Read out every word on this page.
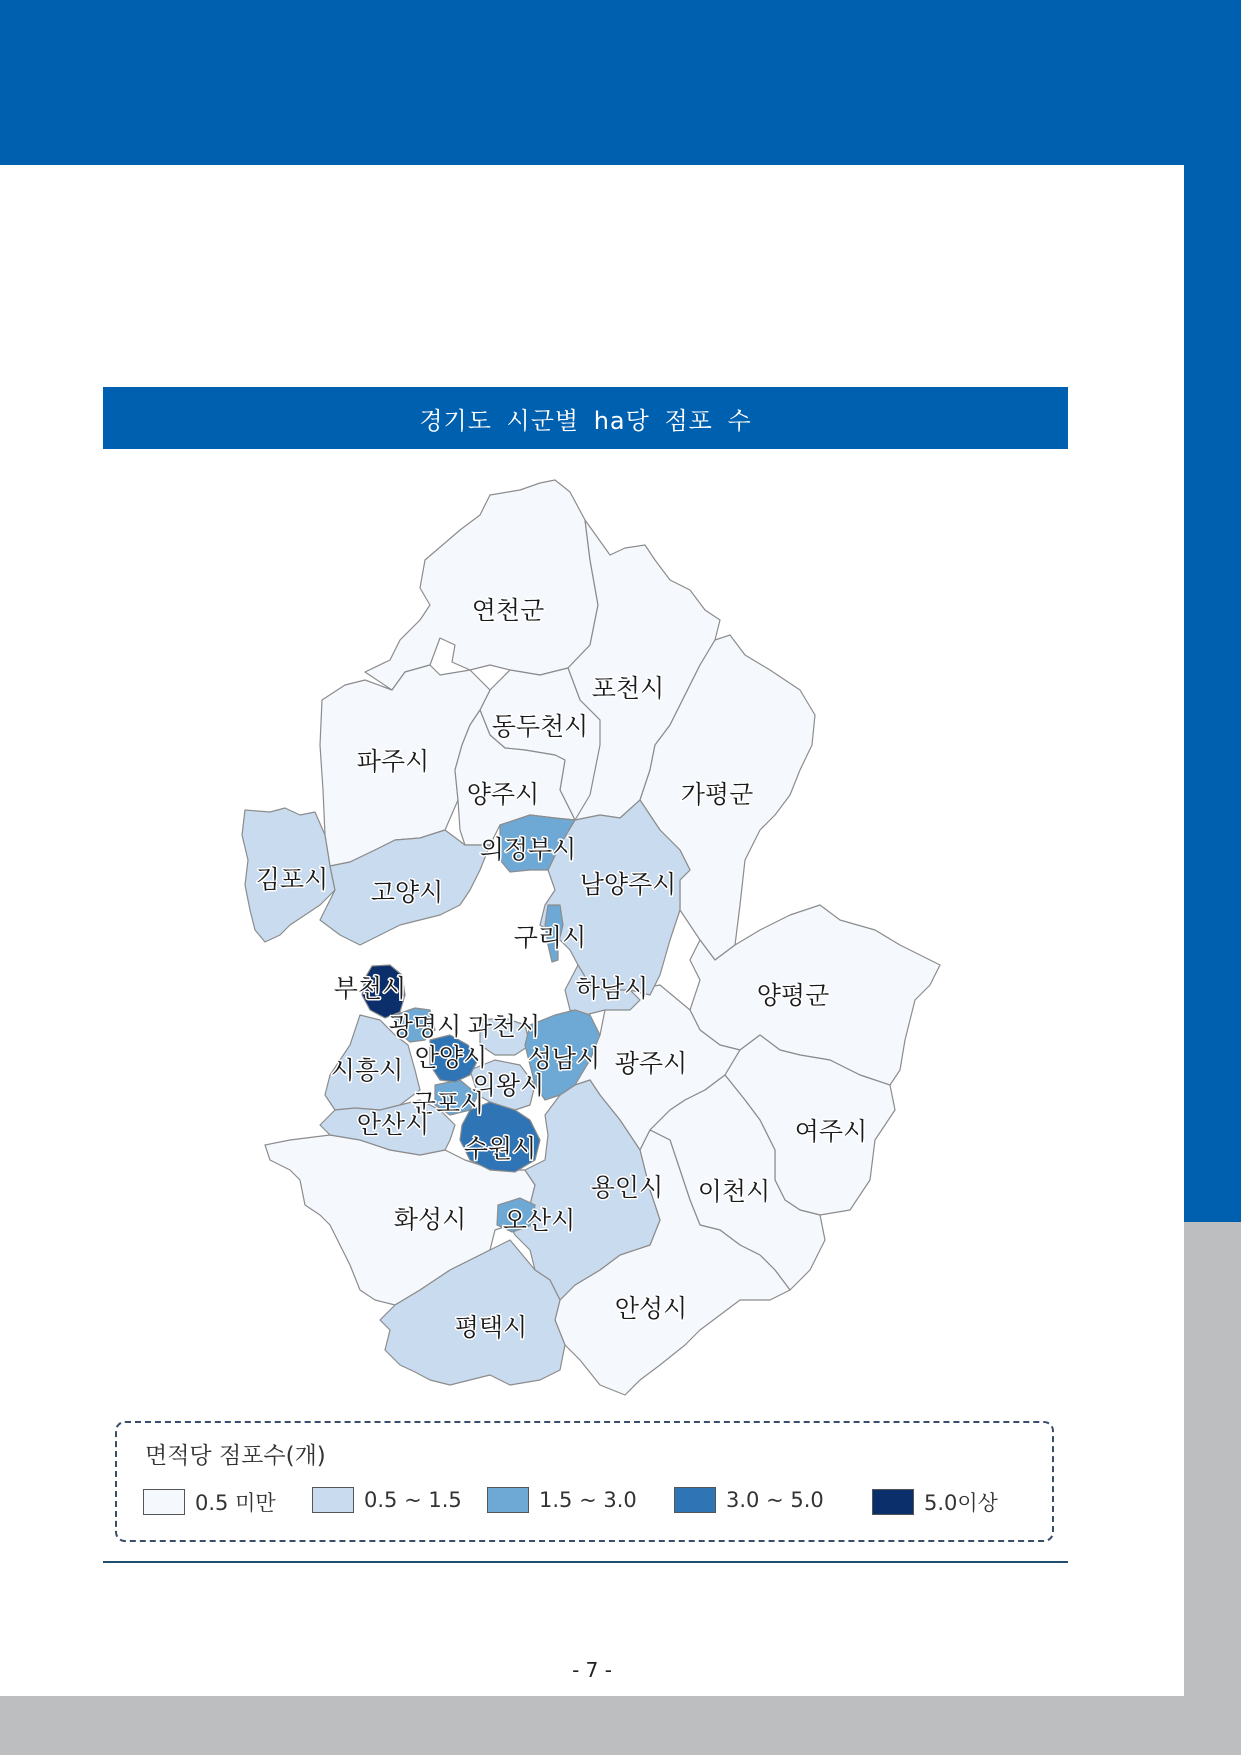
경기도 시군별 ha당 점포 수
연천군
포천시
동두천시
파주시
양주시	가평군
의정부시
김포시 고양시	남양주시
구리시
양평군
하남시
부천시
광명시 과천시
시흥시 안양시 성남시 광주시
의왕시
군포시
안산시
수원시
여주시
용인시 이천시
화성시 오산시
안성시
평택시
면적당 점포수(개)
0.5 미만	0.5 ~ 1.5	1.5 ~ 3.0	3.0 ~ 5.0	5.0이상
- 7 -
